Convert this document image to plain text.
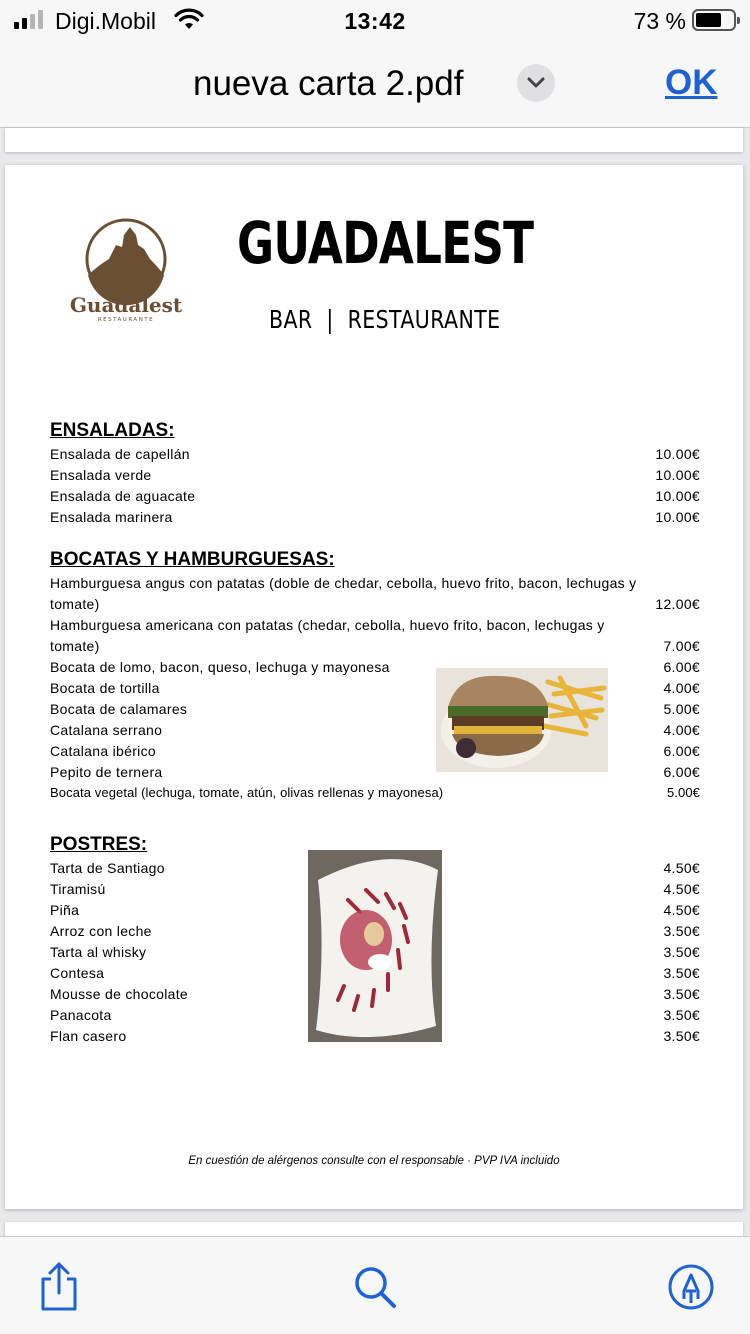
Digi.Mobil	13:42	73 %
nueva carta 2.pdf	OK
Guadalest
RESTAURANTE
GUADALEST
BAR  |  RESTAURANTE
ENSALADAS:
Ensalada de capellán	10.00€
Ensalada verde	10.00€
Ensalada de aguacate	10.00€
Ensalada marinera	10.00€
BOCATAS Y HAMBURGUESAS:
Hamburguesa angus con patatas (doble de chedar, cebolla, huevo frito, bacon, lechugas y
tomate)	12.00€
Hamburguesa americana con patatas (chedar, cebolla, huevo frito, bacon, lechugas y
tomate)	7.00€
Bocata de lomo, bacon, queso, lechuga y mayonesa	6.00€
Bocata de tortilla	4.00€
Bocata de calamares	5.00€
Catalana serrano	4.00€
Catalana ibérico	6.00€
Pepito de ternera	6.00€
Bocata vegetal (lechuga, tomate, atún, olivas rellenas y mayonesa)	5.00€
POSTRES:
Tarta de Santiago	4.50€
Tiramisú	4.50€
Piña	4.50€
Arroz con leche	3.50€
Tarta al whisky	3.50€
Contesa	3.50€
Mousse de chocolate	3.50€
Panacota	3.50€
Flan casero	3.50€
En cuestión de alérgenos consulte con el responsable · PVP IVA incluido
